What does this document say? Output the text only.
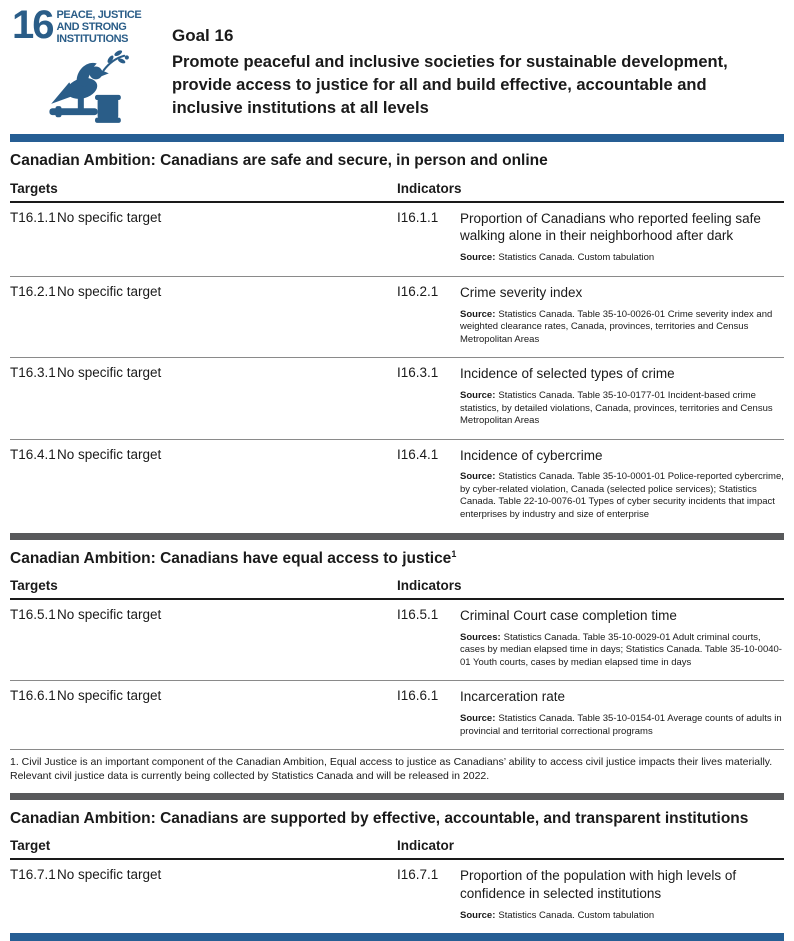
16 PEACE, JUSTICE
AND STRONG
INSTITUTIONS	Goal 16

Promote peaceful and inclusive societies for sustainable development, provide access to justice for all and build effective, accountable and inclusive institutions at all levels

Canadian Ambition: Canadians are safe and secure, in person and online
Targets	Indicators
T16.1.1 No specific target	I16.1.1	Proportion of Canadians who reported feeling safe walking alone in their neighborhood after dark

Source: Statistics Canada. Custom tabulation

T16.2.1 No specific target	I16.2.1	Crime severity index

Source: Statistics Canada. Table 35-10-0026-01 Crime severity index and weighted clearance rates, Canada, provinces, territories and Census Metropolitan Areas

T16.3.1 No specific target	I16.3.1	Incidence of selected types of crime

Source: Statistics Canada. Table 35-10-0177-01 Incident-based crime statistics, by detailed violations, Canada, provinces, territories and Census Metropolitan Areas

T16.4.1 No specific target	I16.4.1	Incidence of cybercrime

Source: Statistics Canada. Table 35-10-0001-01 Police-reported cybercrime, by cyber-related violation, Canada (selected police services); Statistics Canada. Table 22-10-0076-01 Types of cyber security incidents that impact enterprises by industry and size of enterprise

Canadian Ambition: Canadians have equal access to justice$^1$
Targets	Indicators
T16.5.1 No specific target	I16.5.1	Criminal Court case completion time

Sources: Statistics Canada. Table 35-10-0029-01 Adult criminal courts, cases by median elapsed time in days; Statistics Canada. Table 35-10-0040-01 Youth courts, cases by median elapsed time in days

T16.6.1 No specific target	I16.6.1	Incarceration rate

Source: Statistics Canada. Table 35-10-0154-01 Average counts of adults in provincial and territorial correctional programs

1. Civil Justice is an important component of the Canadian Ambition, Equal access to justice as Canadians’ ability to access civil justice impacts their lives materially. Relevant civil justice data is currently being collected by Statistics Canada and will be released in 2022.
Canadian Ambition: Canadians are supported by effective, accountable, and transparent institutions
Target	Indicator
T16.7.1 No specific target	I16.7.1	Proportion of the population with high levels of confidence in selected institutions

Source: Statistics Canada. Custom tabulation
